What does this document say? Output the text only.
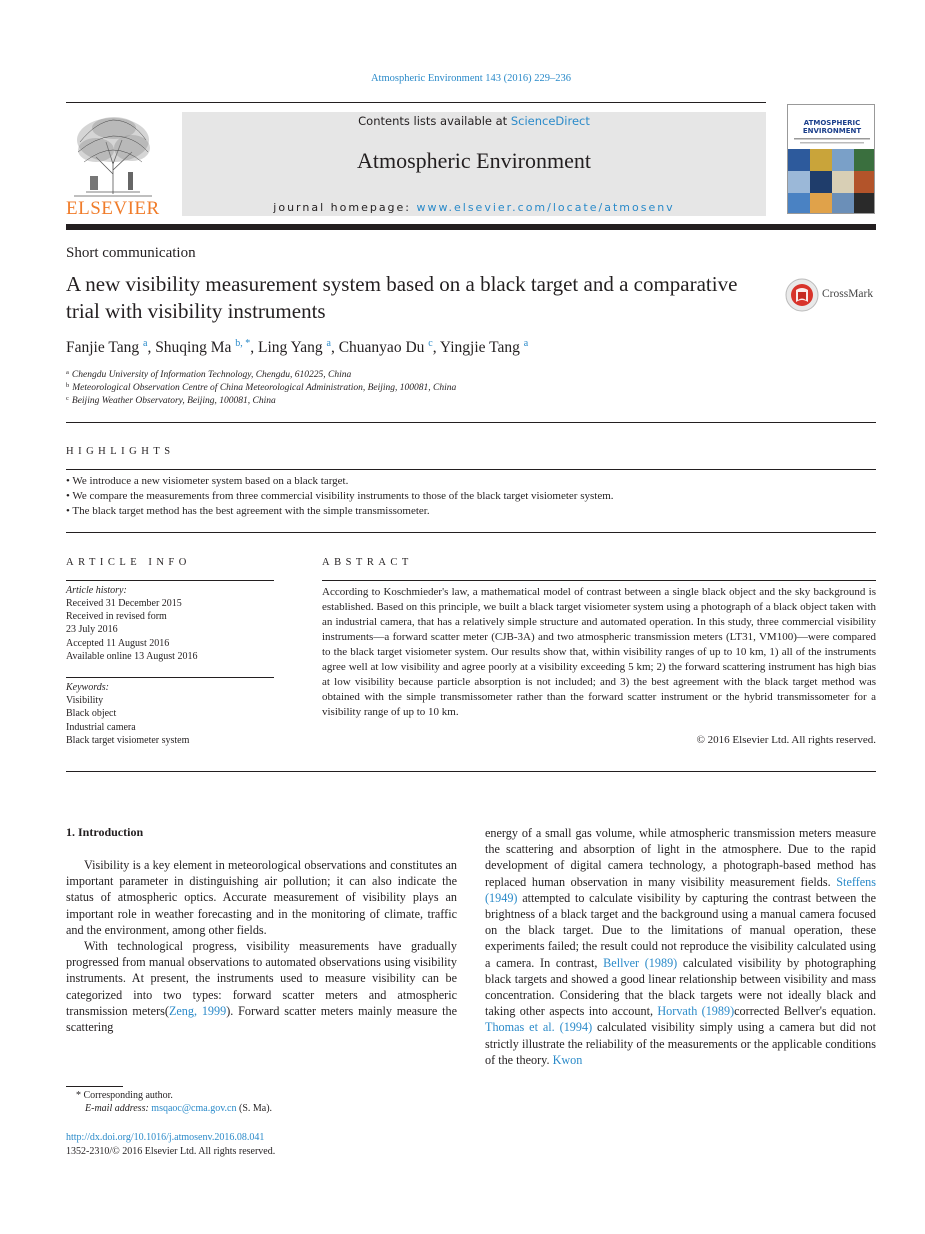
Atmospheric Environment 143 (2016) 229–236
ELSEVIER
Contents lists available at ScienceDirect
Atmospheric Environment
journal homepage: www.elsevier.com/locate/atmosenv
ATMOSPHERIC ENVIRONMENT
Short communication
A new visibility measurement system based on a black target and a comparative trial with visibility instruments
CrossMark
Fanjie Tang $^a$, Shuqing Ma $^{b, *}$, Ling Yang $^a$, Chuanyao Du $^c$, Yingjie Tang $^a$
$^a$ Chengdu University of Information Technology, Chengdu, 610225, China
$^b$ Meteorological Observation Centre of China Meteorological Administration, Beijing, 100081, China
$^c$ Beijing Weather Observatory, Beijing, 100081, China
HIGHLIGHTS
• We introduce a new visiometer system based on a black target.
• We compare the measurements from three commercial visibility instruments to those of the black target visiometer system.
• The black target method has the best agreement with the simple transmissometer.
ARTICLE INFO
Article history:
Received 31 December 2015
Received in revised form
23 July 2016
Accepted 11 August 2016
Available online 13 August 2016
Keywords:
Visibility
Black object
Industrial camera
Black target visiometer system
ABSTRACT
According to Koschmieder's law, a mathematical model of contrast between a single black object and the sky background is established. Based on this principle, we built a black target visiometer system using a photograph of a black object taken with an industrial camera, that has a relatively simple structure and automated operation. In this study, three commercial visibility instruments—a forward scatter meter (CJB-3A) and two atmospheric transmission meters (LT31, VM100)—were compared to the black target visiometer system. Our results show that, within visibility ranges of up to 10 km, 1) all of the instruments agree well at low visibility and agree poorly at a visibility exceeding 5 km; 2) the forward scattering instrument has high bias at low visibility because particle absorption is not included; and 3) the best agreement with the black target method was obtained with the simple transmissometer rather than the forward scatter instrument or the hybrid transmissometer for a visibility range of up to 10 km.
© 2016 Elsevier Ltd. All rights reserved.
1. Introduction

Visibility is a key element in meteorological observations and constitutes an important parameter in distinguishing air pollution; it can also indicate the status of atmospheric optics. Accurate measurement of visibility plays an important role in weather forecasting and in the monitoring of climate, traffic and the environment, among other fields.

With technological progress, visibility measurements have gradually progressed from manual observations to automated observations using visibility instruments. At present, the instruments used to measure visibility can be categorized into two types: forward scatter meters and atmospheric transmission meters(Zeng, 1999). Forward scatter meters mainly measure the scattering

energy of a small gas volume, while atmospheric transmission meters measure the scattering and absorption of light in the atmosphere. Due to the rapid development of digital camera technology, a photograph-based method has replaced human observation in many visibility measurement fields. Steffens (1949) attempted to calculate visibility by capturing the contrast between the brightness of a black target and the background using a manual camera focused on the black target. Due to the limitations of manual operation, these experiments failed; the result could not reproduce the visibility calculated using a camera. In contrast, Bellver (1989) calculated visibility by photographing black targets and showed a good linear relationship between visibility and mass concentration. Considering that the black targets were not ideally black and taking other aspects into account, Horvath (1989)corrected Bellver's equation. Thomas et al. (1994) calculated visibility simply using a camera but did not strictly illustrate the reliability of the measurements or the applicable conditions of the theory. Kwon
* Corresponding author.
E-mail address: msqaoc@cma.gov.cn (S. Ma).
http://dx.doi.org/10.1016/j.atmosenv.2016.08.041
1352-2310/© 2016 Elsevier Ltd. All rights reserved.
